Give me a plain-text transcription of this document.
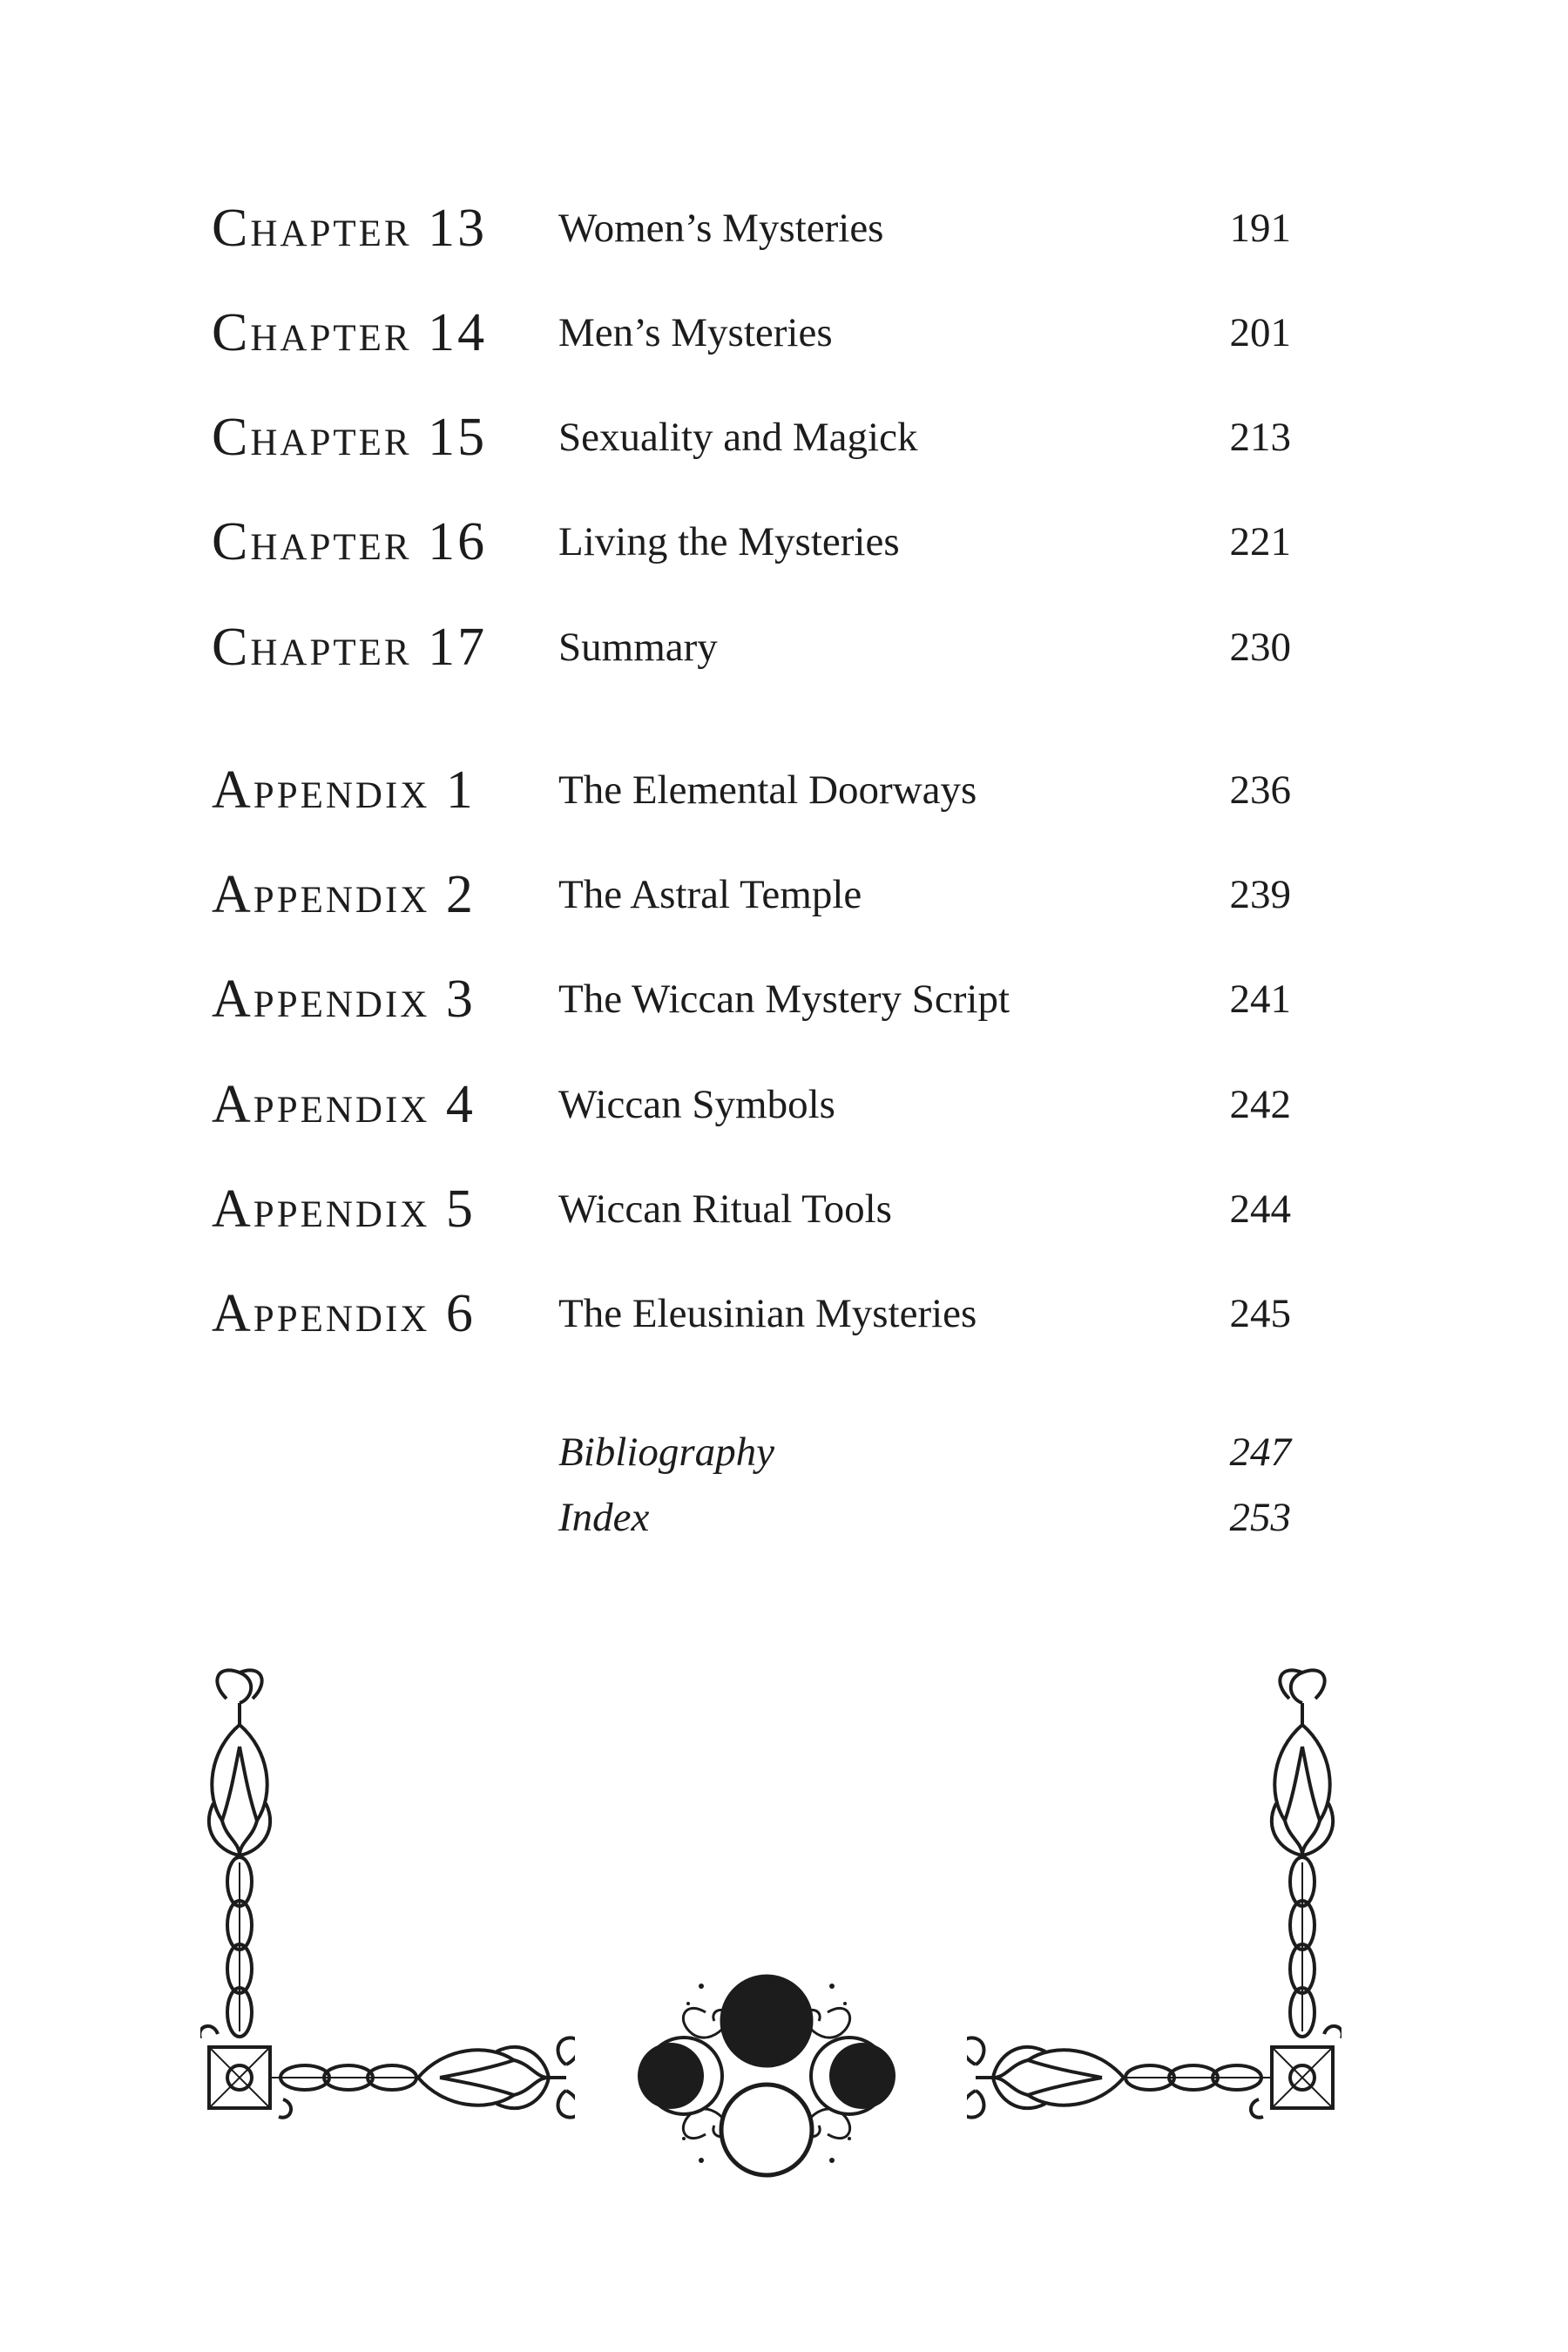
Chapter 13 Women’s Mysteries	191
Chapter 14 Men’s Mysteries	201
Chapter 15 Sexuality and Magick	213
Chapter 16 Living the Mysteries	221
Chapter 17 Summary	230
Appendix 1 The Elemental Doorways	236
Appendix 2 The Astral Temple	239
Appendix 3 The Wiccan Mystery Script	241
Appendix 4 Wiccan Symbols	242
Appendix 5 Wiccan Ritual Tools	244
Appendix 6 The Eleusinian Mysteries	245
Bibliography	247
Index	253
